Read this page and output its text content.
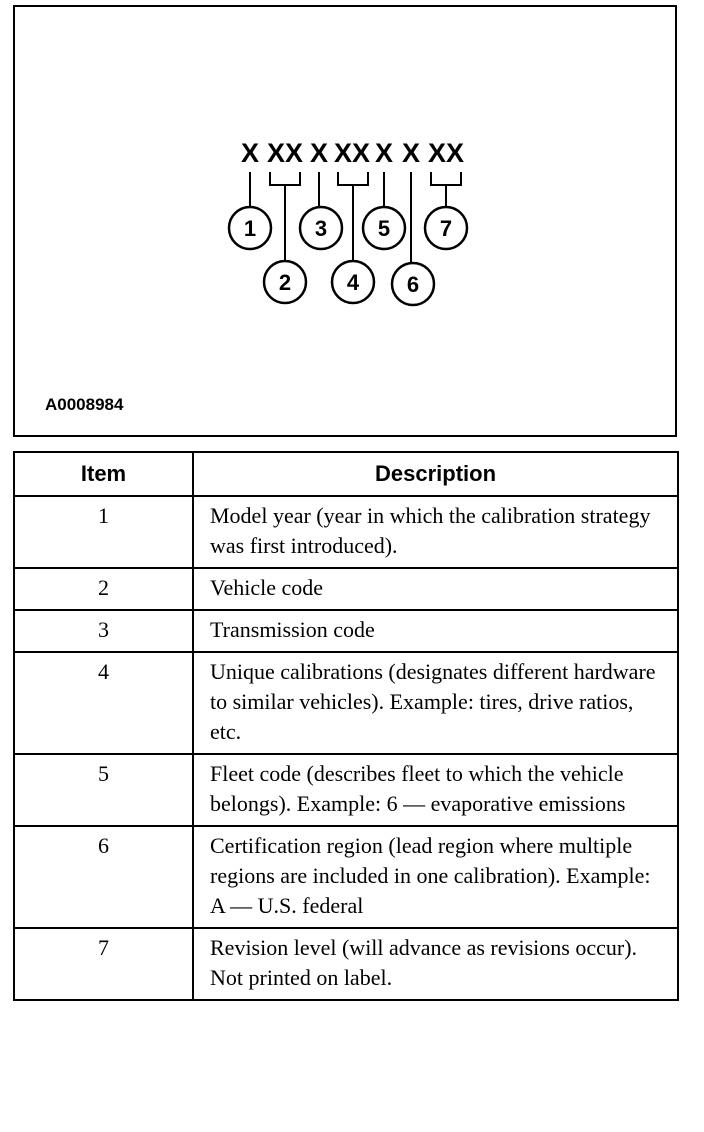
X XX X XX X X XX
1
2
3
4
5
6
7
A0008984
Item	Description
1	Model year (year in which the calibration strategy was first introduced).
2	Vehicle code
3	Transmission code
4	Unique calibrations (designates different hardware to similar vehicles). Example: tires, drive ratios, etc.
5	Fleet code (describes fleet to which the vehicle belongs). Example: 6 — evaporative emissions
6	Certification region (lead region where multiple regions are included in one calibration). Example: A — U.S. federal
7	Revision level (will advance as revisions occur). Not printed on label.
